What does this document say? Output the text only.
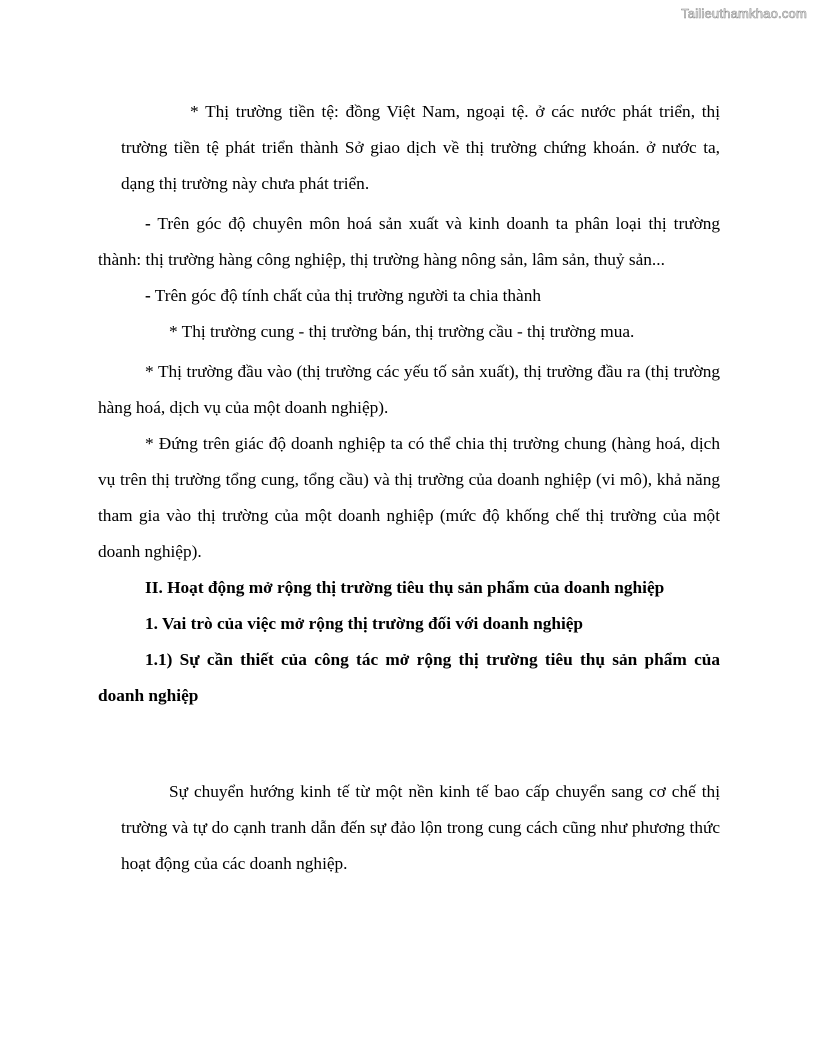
Tailieuthamkhao.com

* Thị trường tiền tệ: đồng Việt Nam, ngoại tệ. ở các nước phát triển, thị trường tiền tệ phát triển thành Sở giao dịch về thị trường chứng khoán. ở nước ta, dạng thị trường này chưa phát triển.

- Trên góc độ chuyên môn hoá sản xuất và kinh doanh ta phân loại thị trường thành: thị trường hàng công nghiệp, thị trường hàng nông sản, lâm sản, thuỷ sản...

- Trên góc độ tính chất của thị trường người ta chia thành

* Thị trường cung - thị trường bán, thị trường cầu - thị trường mua.

* Thị trường đầu vào (thị trường các yếu tố sản xuất), thị trường đầu ra (thị trường hàng hoá, dịch vụ của một doanh nghiệp).

* Đứng trên giác độ doanh nghiệp ta có thể chia thị trường chung (hàng hoá, dịch vụ trên thị trường tổng cung, tổng cầu) và thị trường của doanh nghiệp (vi mô), khả năng tham gia vào thị trường của một doanh nghiệp (mức độ khống chế thị trường của một doanh nghiệp).

II. Hoạt động mở rộng thị trường tiêu thụ sản phẩm của doanh nghiệp

1. Vai trò của việc mở rộng thị trường đối với doanh nghiệp

1.1) Sự cần thiết của công tác mở rộng thị trường tiêu thụ sản phẩm của doanh nghiệp

Sự chuyển hướng kinh tế từ một nền kinh tế bao cấp chuyển sang cơ chế thị trường và tự do cạnh tranh dẫn đến sự đảo lộn trong cung cách cũng như phương thức hoạt động của các doanh nghiệp.
